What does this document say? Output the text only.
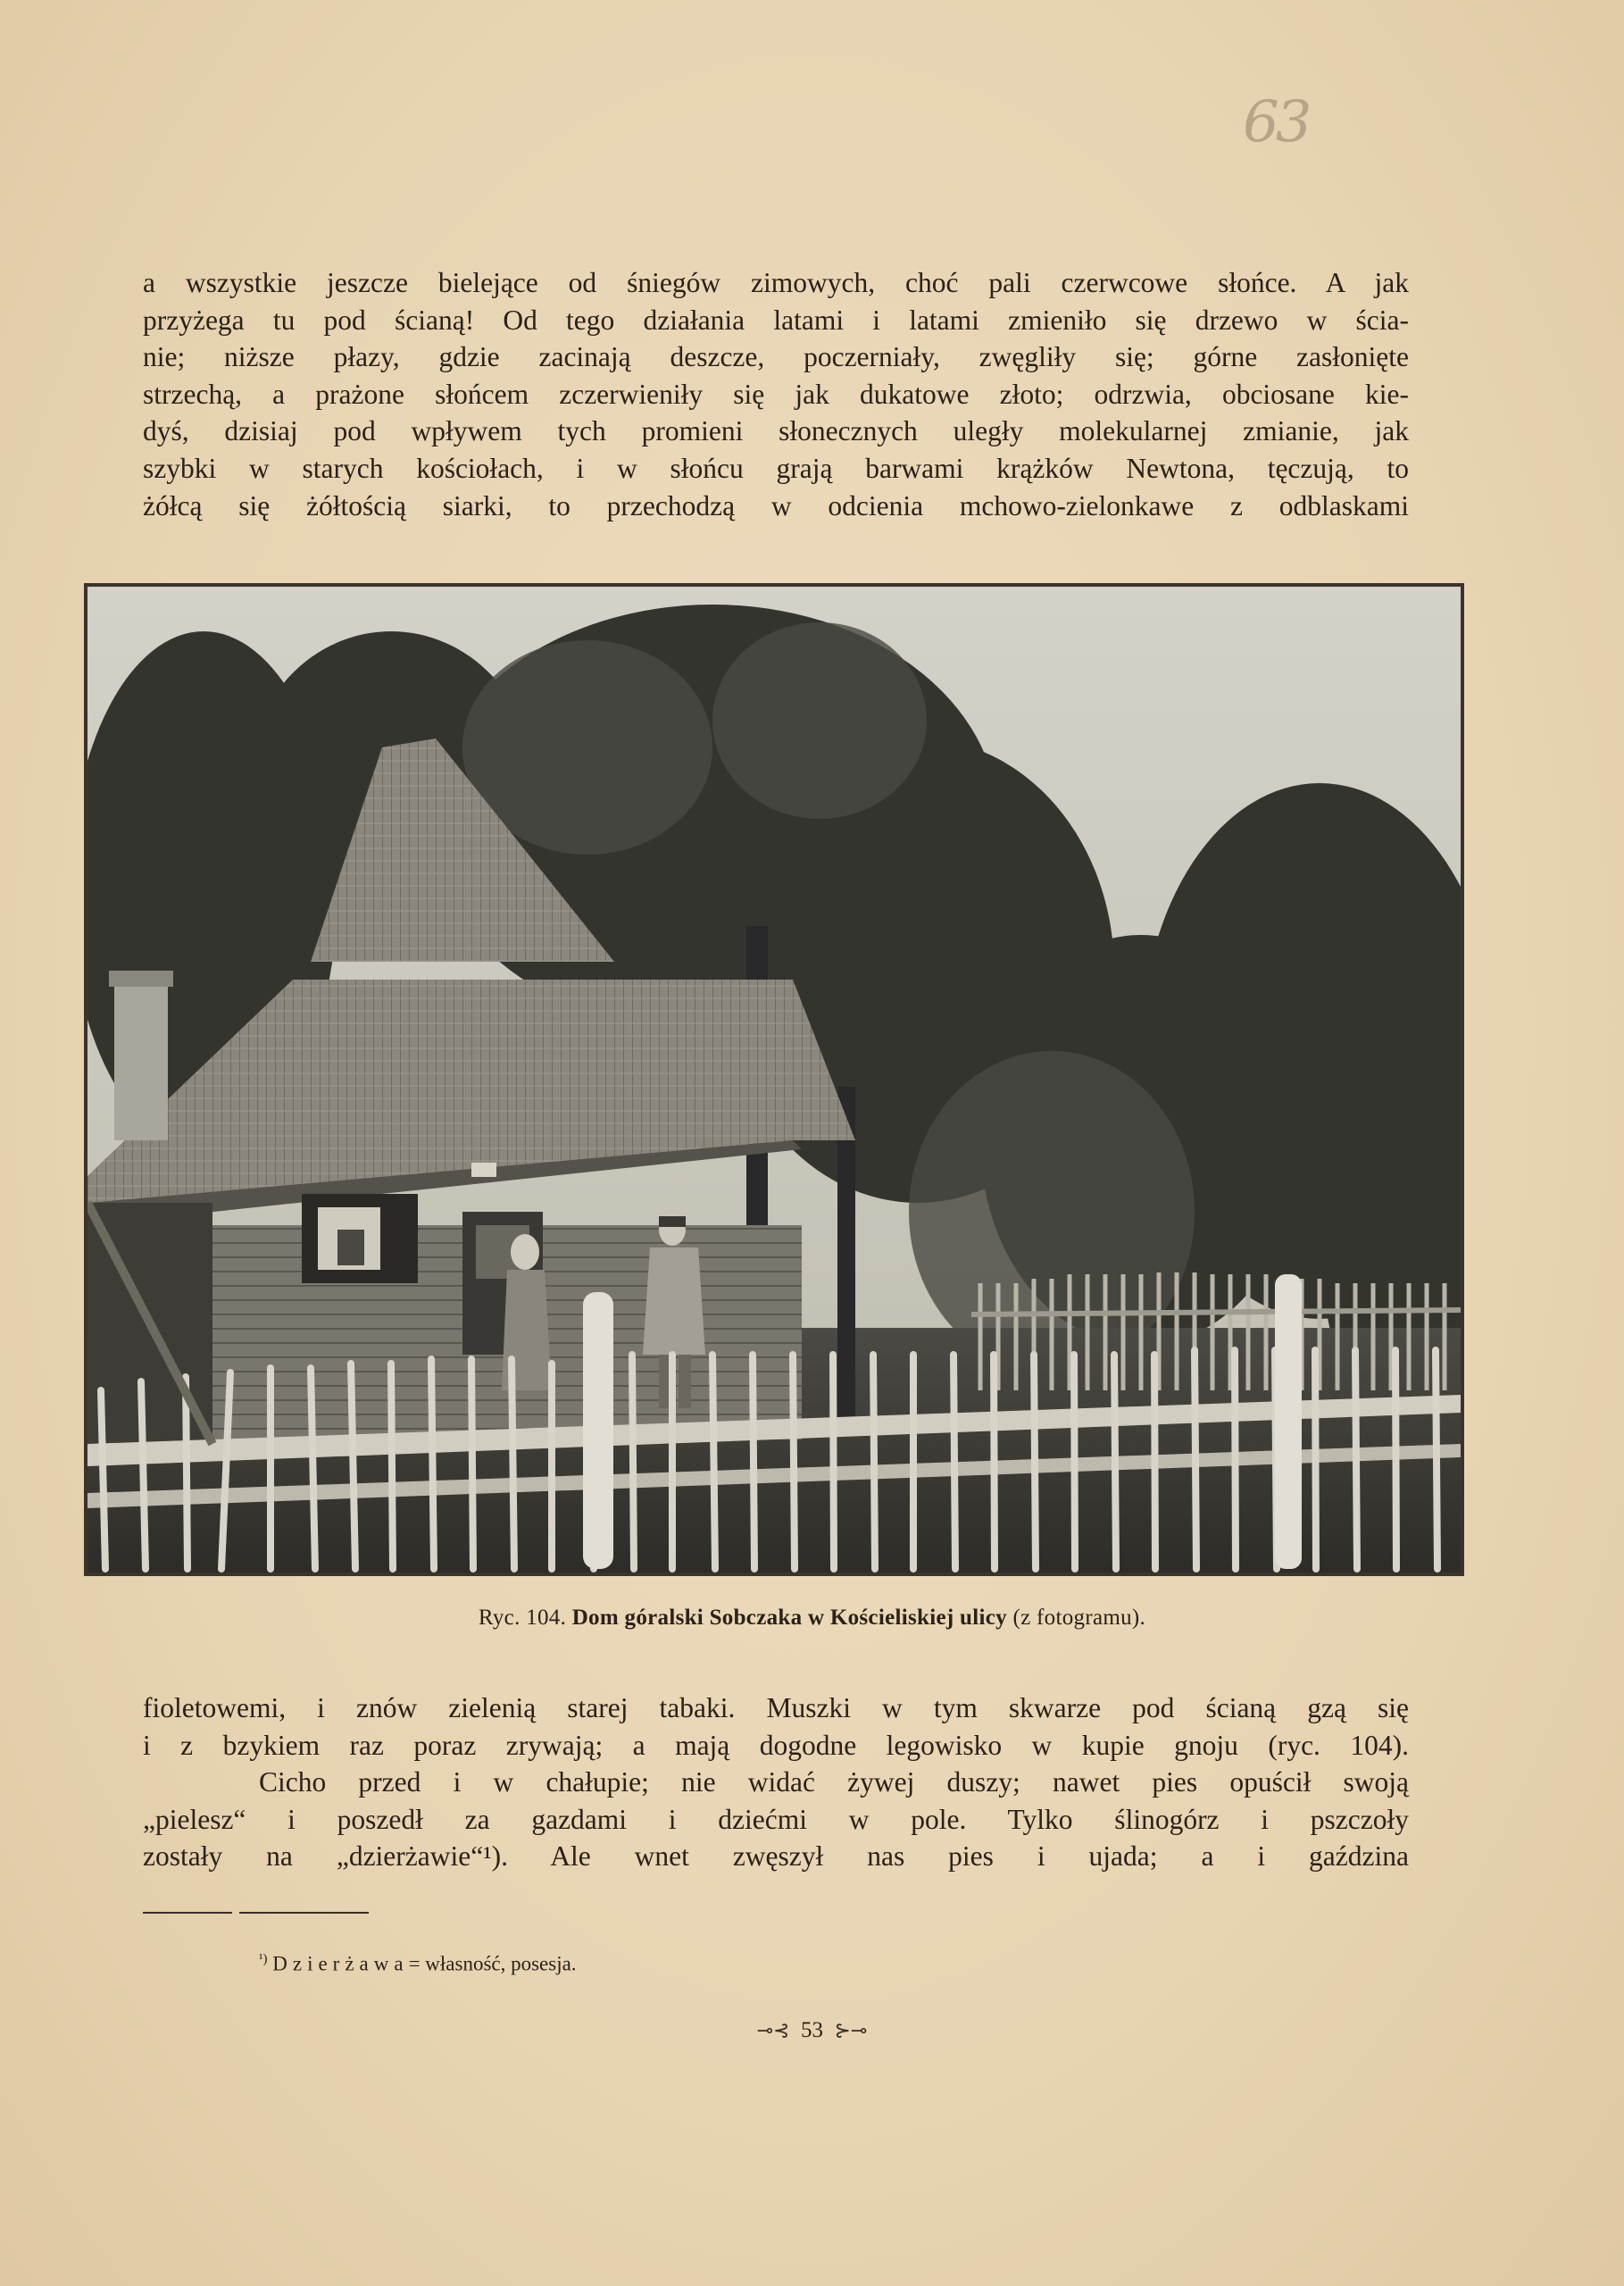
63
a wszystkie jeszcze bielejące od śniegów zimowych, choć pali czerwcowe słońce. A jak
przyżega tu pod ścianą! Od tego działania latami i latami zmieniło się drzewo w ścia-
nie; niższe płazy, gdzie zacinają deszcze, poczerniały, zwęgliły się; górne zasłonięte
strzechą, a prażone słońcem zczerwieniły się jak dukatowe złoto; odrzwia, obciosane kie-
dyś, dzisiaj pod wpływem tych promieni słonecznych uległy molekularnej zmianie, jak
szybki w starych kościołach, i w słońcu grają barwami krążków Newtona, tęczują, to
żółcą się żółtością siarki, to przechodzą w odcienia mchowo-zielonkawe z odblaskami
Ryc. 104. Dom góralski Sobczaka w Kościeliskiej ulicy (z fotogramu).
fioletowemi, i znów zielenią starej tabaki. Muszki w tym skwarze pod ścianą gzą się
i z bzykiem raz poraz zrywają; a mają dogodne legowisko w kupie gnoju (ryc. 104).
Cicho przed i w chałupie; nie widać żywej duszy; nawet pies opuścił swoją
„pielesz“ i poszedł za gazdami i dziećmi w pole. Tylko ślinogórz i pszczoły
zostały na „dzierżawie“¹). Ale wnet zwęszył nas pies i ujada; a i gaździna
$^{^1)}$ Dzierżawa= własność, posesja.
⊸⊰ 53 ⊱⊸
